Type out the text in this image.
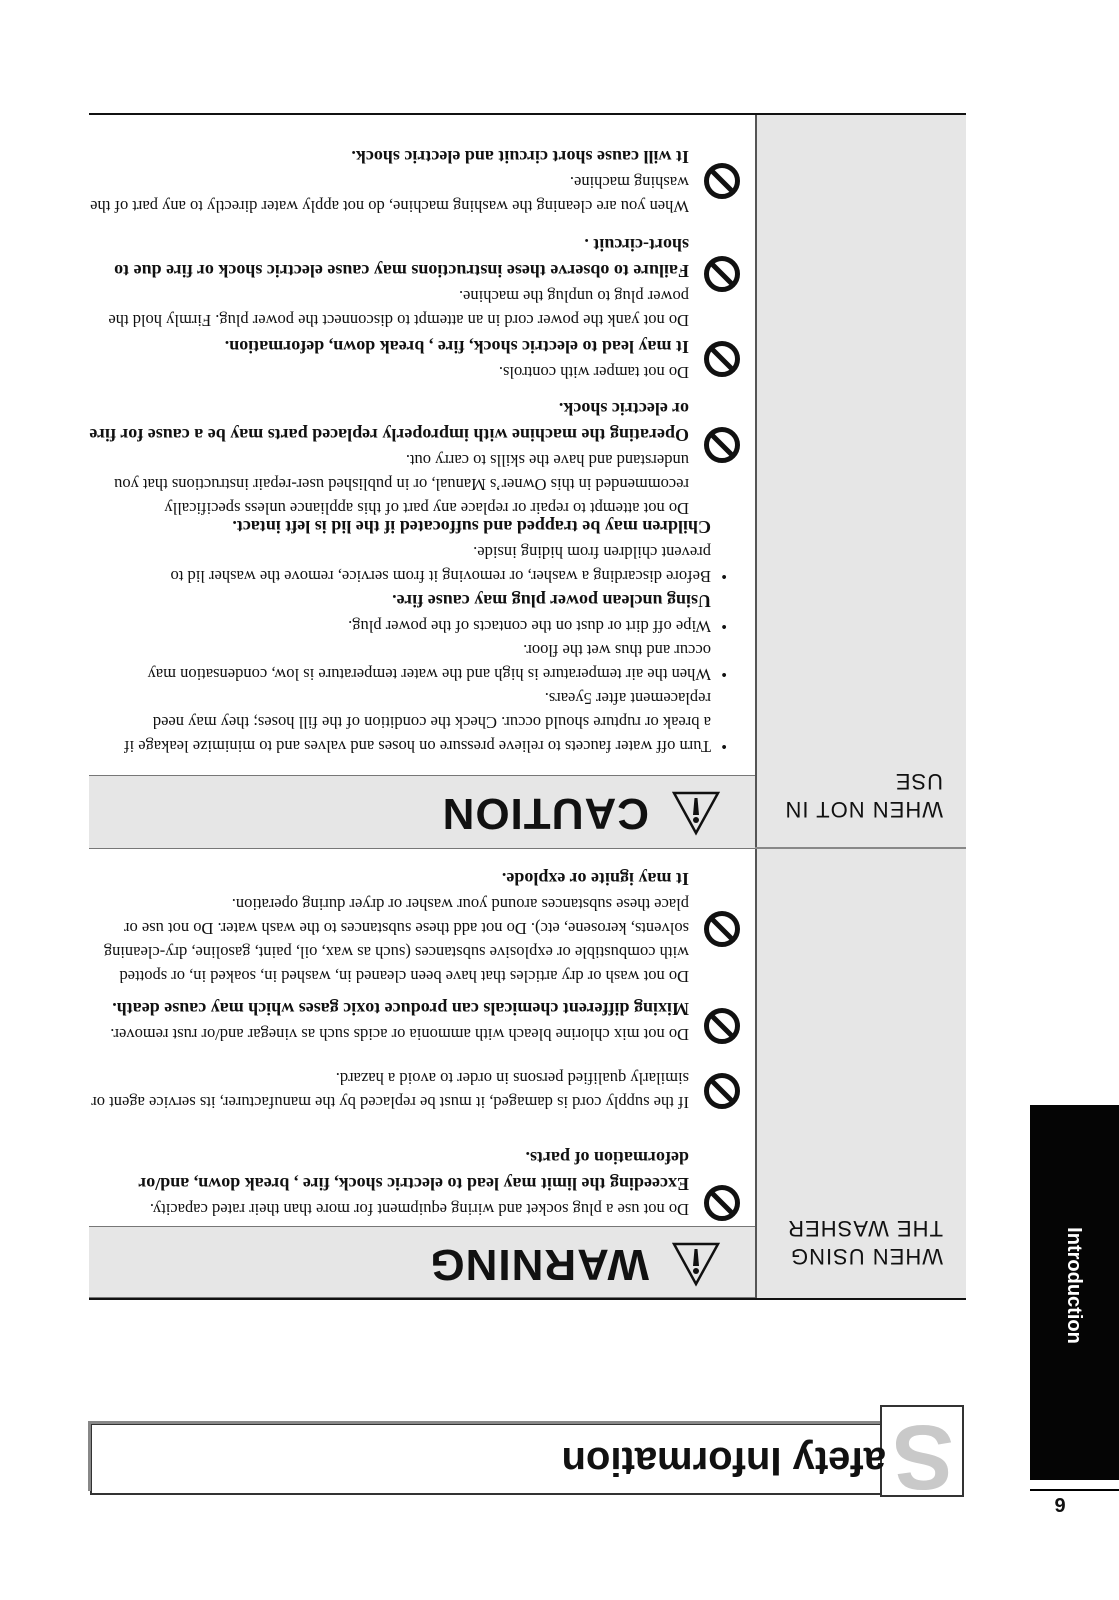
Introduction
9
S
afety Information
WHEN USING THE WASHER
WHEN NOT IN USE
WARNING
Do not use a plug socket and wiring equipment for more than their rated capacity.
Exceeding the limit may lead to electric shock, fire , break down, and/or deformation of parts.
If the supply cord is damaged, it must be replaced by the manufacturer, its service agent or similarly qualified persons in order to avoid a hazard.
Do not mix chlorine bleach with ammonia or acids such as vinegar and/or rust remover.
Mixing different chemicals can produce toxic gases which may cause death.
Do not wash or dry articles that have been cleaned in, washed in, soaked in, or spotted with combustible or explosive substances (such as wax, oil, paint, gasoline, dry-cleaning solvents, kerosene, etc). Do not add these substances to the wash water. Do not use or place these substances around your washer or dryer during operation.
It may ignite or explode.
CAUTION
• Turn off water faucets to relieve pressure on hoses and valves and to minimize leakage if a break or rupture should occur. Check the condition of the fill hoses; they may need replacement after 5years.
• When the air temperature is high and the water temperature is low, condensation may occur and thus wet the floor.
• Wipe off dirt or dust on the contacts of the power plug.
Using unclean power plug may cause fire.
• Before discarding a washer, or removing it from service, remove the washer lid to prevent children from hiding inside.
Children may be trapped and suffocated if the lid is left intact.
Do not attempt to repair or replace any part of this appliance unless specifically recommended in this Owner’s Manual, or in published user-repair instructions that you understand and have the skills to carry out.
Operating the machine with improperly replaced parts may be a cause for fire or electric shock.
Do not tamper with controls.
It may lead to electric shock, fire , break down, deformation.
Do not yank the power cord in an attempt to disconnect the power plug. Firmly hold the power plug to unplug the machine.
Failure to observe these instructions may cause electric shock or fire due to short-circuit .
When you are cleaning the washing machine, do not apply water directly to any part of the washing machine.
It will cause short circuit and electric shock.
